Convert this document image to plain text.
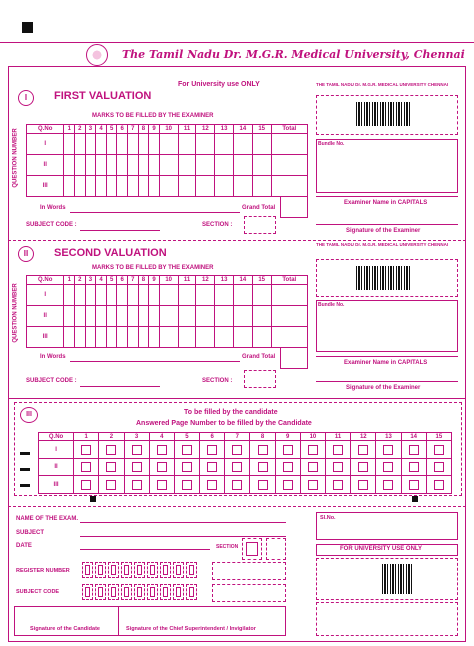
The Tamil Nadu Dr. M.G.R. Medical University, Chennai
I	FIRST VALUATION
For University use ONLY
MARKS TO BE FILLED BY THE EXAMINER
QUESTION NUMBER	Q.No	1	2	3	4	5	6	7	8	9	10	11	12	13	14	15	Total
I																
II																
III																
In Words	Grand Total
SUBJECT CODE :	SECTION :
THE TAMIL NADU Dr. M.G.R. MEDICAL UNIVERSITY CHENNAI
Bundle No.
Examiner Name in CAPITALS
Signature of the Examiner
II	SECOND VALUATION
MARKS TO BE FILLED BY THE EXAMINER
QUESTION NUMBER
Q.No	1	2	3	4	5	6	7	8	9	10	11	12	13	14	15	Total
I																
II																
III																
In Words	Grand Total
SUBJECT CODE :	SECTION :
THE TAMIL NADU Dr. M.G.R. MEDICAL UNIVERSITY CHENNAI
Bundle No.
Examiner Name in CAPITALS
Signature of the Examiner
III	To be filled by the candidate
Answered Page Number to be filled by the Candidate
Q.No	1	2	3	4	5	6	7	8	9	10	11	12	13	14	15
I	

II	

III	

NAME OF THE EXAM.
SUBJECT
DATE	SECTION
REGISTER NUMBER
SUBJECT CODE
Signature of the Candidate	Signature of the Chief Superintendent / Invigilator
Sl.No.
FOR UNIVERSITY USE ONLY
